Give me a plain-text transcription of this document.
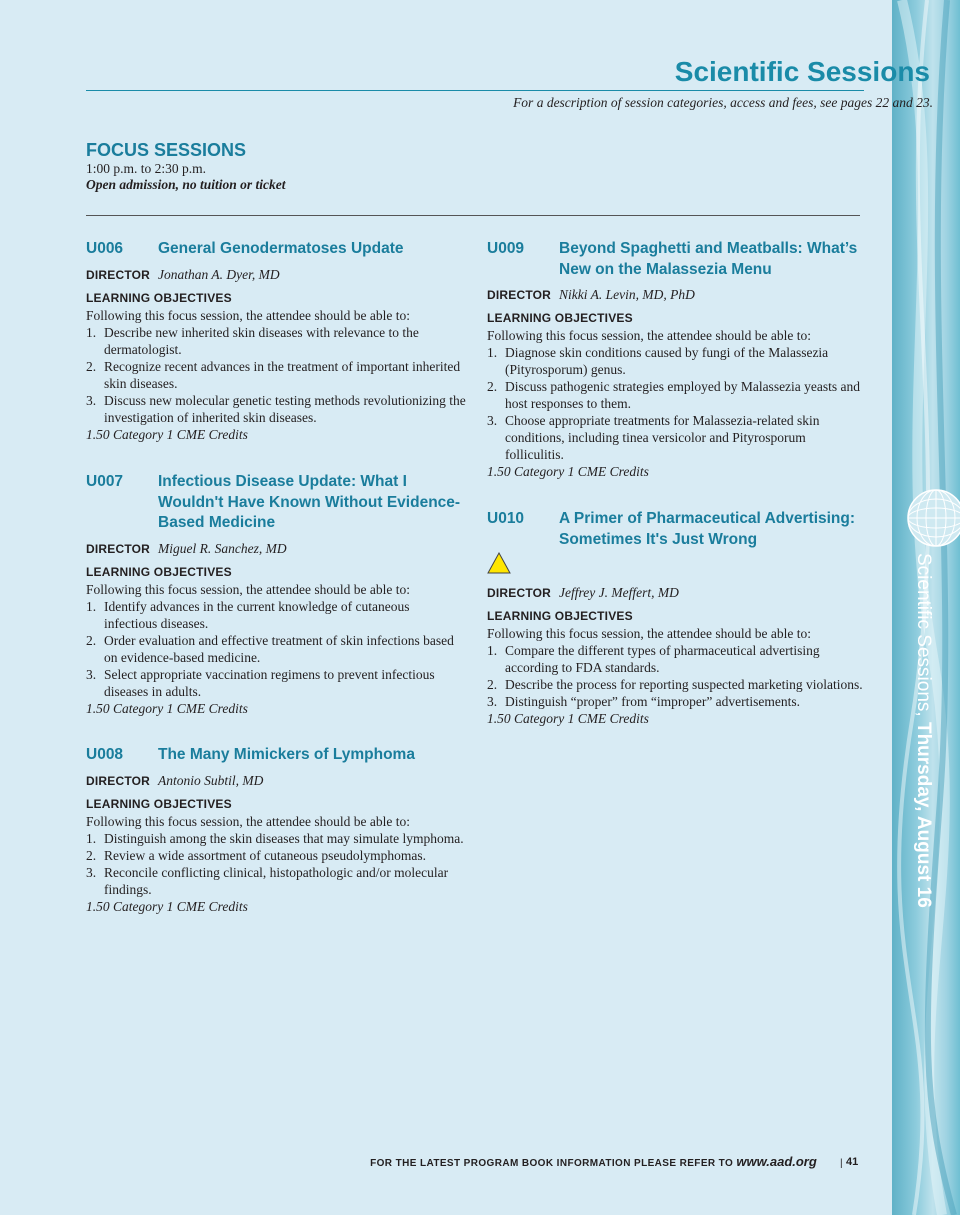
Scientific Sessions, Thursday, August 16
Scientific Sessions
For a description of session categories, access and fees, see pages 22 and 23.
FOCUS SESSIONS
1:00 p.m. to 2:30 p.m.
Open admission, no tuition or ticket
U006	General Genodermatoses Update
DIRECTOR Jonathan A. Dyer, MD
LEARNING OBJECTIVES
Following this focus session, the attendee should be able to:
1. Describe new inherited skin diseases with relevance to the dermatologist.
2. Recognize recent advances in the treatment of important inherited skin diseases.
3. Discuss new molecular genetic testing methods revolutionizing the investigation of inherited skin diseases.
1.50 Category 1 CME Credits
U007	Infectious Disease Update: What I Wouldn't Have Known Without Evidence-Based Medicine
DIRECTOR Miguel R. Sanchez, MD
LEARNING OBJECTIVES
Following this focus session, the attendee should be able to:
1. Identify advances in the current knowledge of cutaneous infectious diseases.
2. Order evaluation and effective treatment of skin infections based on evidence-based medicine.
3. Select appropriate vaccination regimens to prevent infectious diseases in adults.
1.50 Category 1 CME Credits
U008	The Many Mimickers of Lymphoma
DIRECTOR Antonio Subtil, MD
LEARNING OBJECTIVES
Following this focus session, the attendee should be able to:
1. Distinguish among the skin diseases that may simulate lymphoma.
2. Review a wide assortment of cutaneous pseudolymphomas.
3. Reconcile conflicting clinical, histopathologic and/or molecular findings.
1.50 Category 1 CME Credits
U009	Beyond Spaghetti and Meatballs: What’s New on the Malassezia Menu
DIRECTOR Nikki A. Levin, MD, PhD
LEARNING OBJECTIVES
Following this focus session, the attendee should be able to:
1. Diagnose skin conditions caused by fungi of the Malassezia (Pityrosporum) genus.
2. Discuss pathogenic strategies employed by Malassezia yeasts and host responses to them.
3. Choose appropriate treatments for Malassezia-related skin conditions, including tinea versicolor and Pityrosporum folliculitis.
1.50 Category 1 CME Credits
U010	A Primer of Pharmaceutical Advertising: Sometimes It's Just Wrong
DIRECTOR Jeffrey J. Meffert, MD
LEARNING OBJECTIVES
Following this focus session, the attendee should be able to:
1. Compare the different types of pharmaceutical advertising according to FDA standards.
2. Describe the process for reporting suspected marketing violations.
3. Distinguish “proper” from “improper” advertisements.
1.50 Category 1 CME Credits
FOR THE LATEST PROGRAM BOOK INFORMATION PLEASE REFER TO www.aad.org | 41
